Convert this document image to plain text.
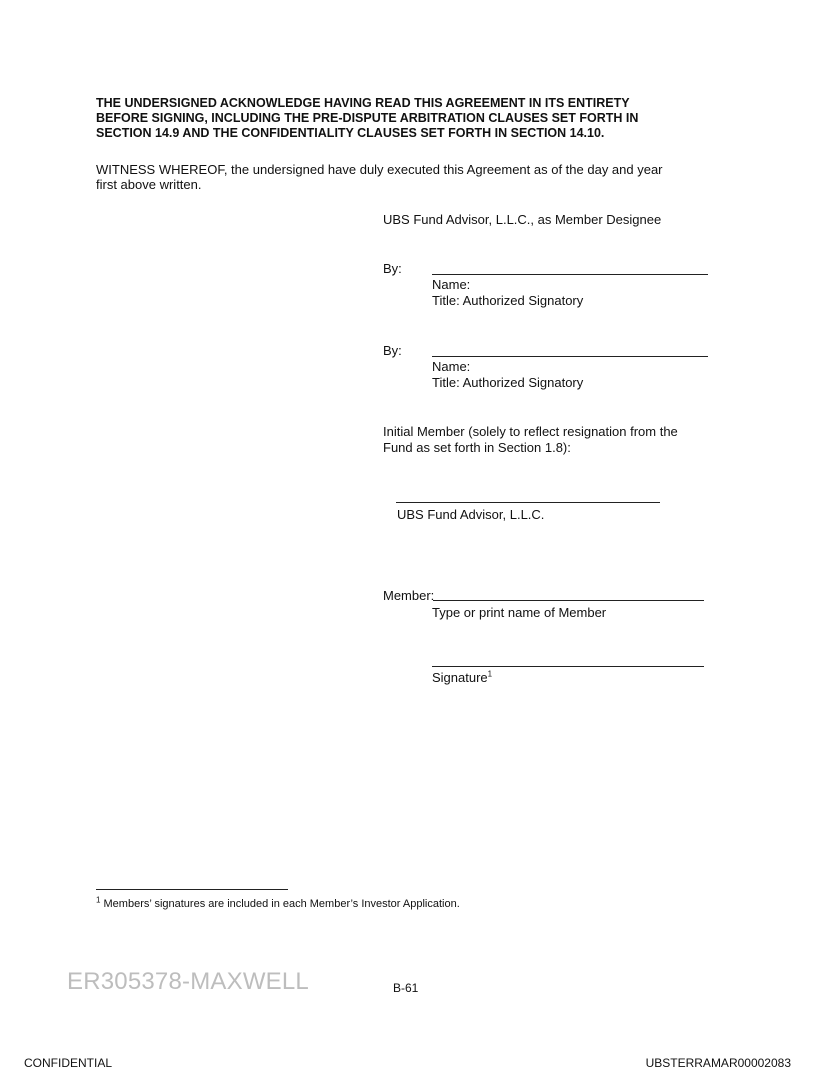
THE UNDERSIGNED ACKNOWLEDGE HAVING READ THIS AGREEMENT IN ITS ENTIRETY
BEFORE SIGNING, INCLUDING THE PRE-DISPUTE ARBITRATION CLAUSES SET FORTH IN
SECTION 14.9 AND THE CONFIDENTIALITY CLAUSES SET FORTH IN SECTION 14.10.
WITNESS WHEREOF, the undersigned have duly executed this Agreement as of the day and year
first above written.
UBS Fund Advisor, L.L.C., as Member Designee
By:
Name:
Title: Authorized Signatory
By:
Name:
Title: Authorized Signatory
Initial Member (solely to reflect resignation from the
Fund as set forth in Section 1.8):
UBS Fund Advisor, L.L.C.
Member:
Type or print name of Member
Signature$^1$
$^1$ Members’ signatures are included in each Member’s Investor Application.
ER305378-MAXWELL	B-61
CONFIDENTIAL	UBSTERRAMAR00002083
